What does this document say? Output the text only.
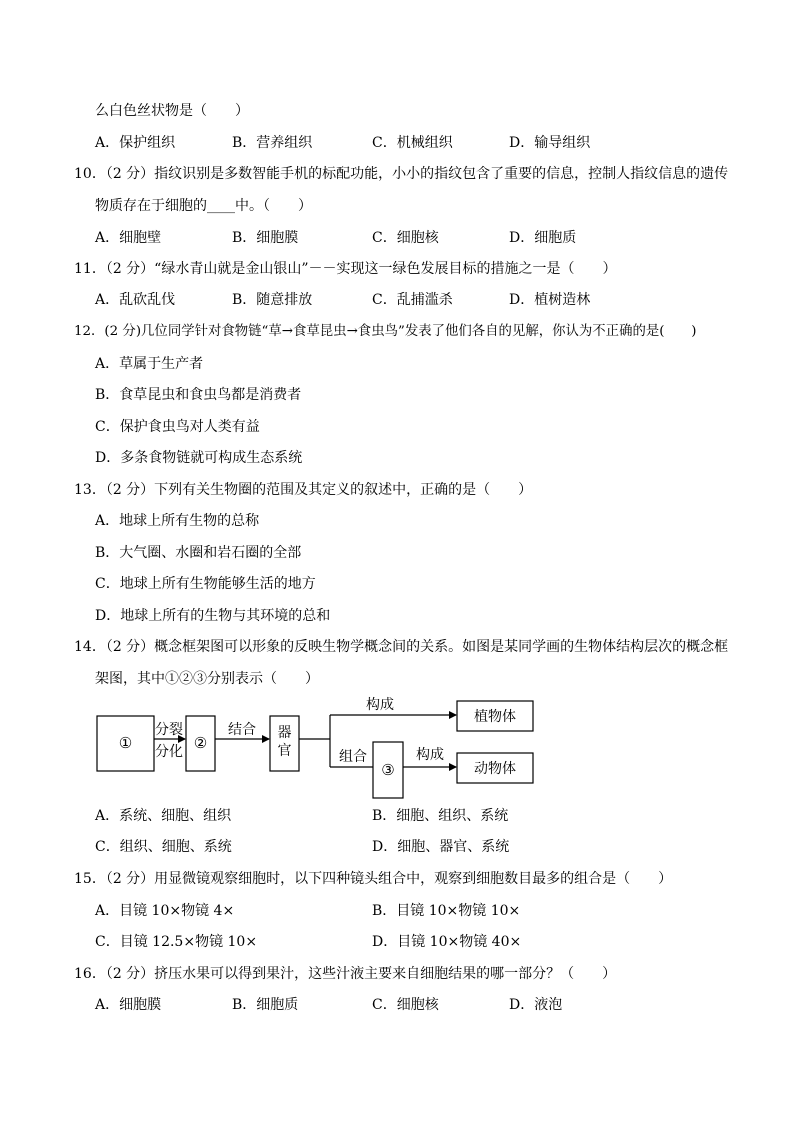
么白色丝状物是（　　）
A．保护组织	B．营养组织	C．机械组织	D．输导组织
10．（2 分）指纹识别是多数智能手机的标配功能，小小的指纹包含了重要的信息，控制人指纹信息的遗传
物质存在于细胞的____中。（　　）
A．细胞壁	B．细胞膜	C．细胞核	D．细胞质
11．（2 分）“绿水青山就是金山银山”－－实现这一绿色发展目标的措施之一是（　　）
A．乱砍乱伐	B．随意排放	C．乱捕滥杀	D．植树造林
12．(2 分)几位同学针对食物链“草→食草昆虫→食虫鸟”发表了他们各自的见解，你认为不正确的是(　　)
A．草属于生产者
B．食草昆虫和食虫鸟都是消费者
C．保护食虫鸟对人类有益
D．多条食物链就可构成生态系统
13．（2 分）下列有关生物圈的范围及其定义的叙述中，正确的是（　　）
A．地球上所有生物的总称
B．大气圈、水圈和岩石圈的全部
C．地球上所有生物能够生活的地方
D．地球上所有的生物与其环境的总和
14．（2 分）概念框架图可以形象的反映生物学概念间的关系。如图是某同学画的生物体结构层次的概念框
架图，其中①②③分别表示（　　）
①
分裂
分化 ②
结合 器
官
构成
组合
③
构成
植物体
动物体
A．系统、细胞、组织	B．细胞、组织、系统
C．组织、细胞、系统	D．细胞、器官、系统
15．（2 分）用显微镜观察细胞时，以下四种镜头组合中，观察到细胞数目最多的组合是（　　）
A．目镜 10×物镜 4×	B．目镜 10×物镜 10×
C．目镜 12.5×物镜 10×	D．目镜 10×物镜 40×
16．（2 分）挤压水果可以得到果汁，这些汁液主要来自细胞结果的哪一部分？（　　）
A．细胞膜	B．细胞质	C．细胞核	D．液泡
